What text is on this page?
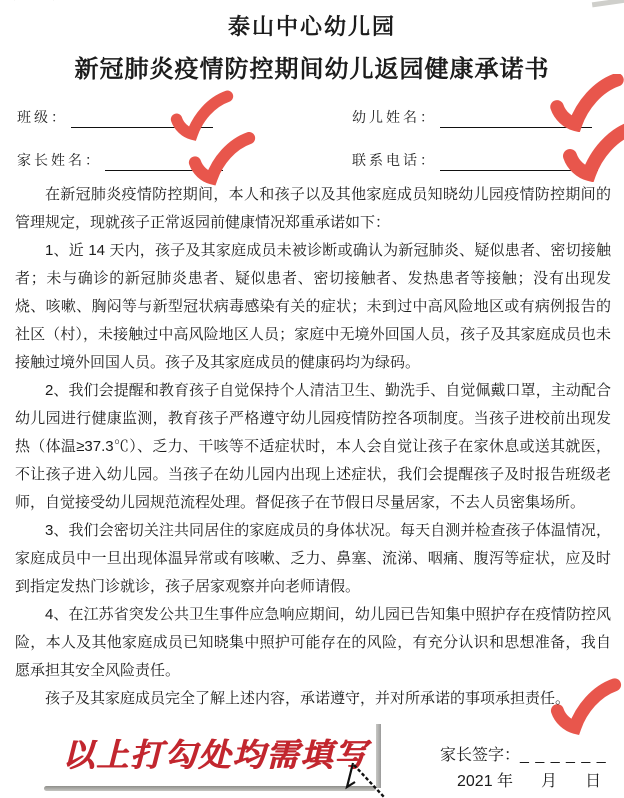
泰山中心幼儿园
新冠肺炎疫情防控期间幼儿返园健康承诺书
班级：	幼儿姓名：
家长姓名：	联系电话：

在新冠肺炎疫情防控期间，本人和孩子以及其他家庭成员知晓幼儿园疫情防控期间的管理规定，现就孩子正常返园前健康情况郑重承诺如下：

1、近 14 天内，孩子及其家庭成员未被诊断或确认为新冠肺炎、疑似患者、密切接触者；未与确诊的新冠肺炎患者、疑似患者、密切接触者、发热患者等接触；没有出现发烧、咳嗽、胸闷等与新型冠状病毒感染有关的症状；未到过中高风险地区或有病例报告的社区（村），未接触过中高风险地区人员；家庭中无境外回国人员，孩子及其家庭成员也未接触过境外回国人员。孩子及其家庭成员的健康码均为绿码。

2、我们会提醒和教育孩子自觉保持个人清洁卫生、勤洗手、自觉佩戴口罩，主动配合幼儿园进行健康监测，教育孩子严格遵守幼儿园疫情防控各项制度。当孩子进校前出现发热（体温≥37.3℃）、乏力、干咳等不适症状时，本人会自觉让孩子在家休息或送其就医，不让孩子进入幼儿园。当孩子在幼儿园内出现上述症状，我们会提醒孩子及时报告班级老师，自觉接受幼儿园规范流程处理。督促孩子在节假日尽量居家，不去人员密集场所。

3、我们会密切关注共同居住的家庭成员的身体状况。每天自测并检查孩子体温情况，家庭成员中一旦出现体温异常或有咳嗽、乏力、鼻塞、流涕、咽痛、腹泻等症状，应及时到指定发热门诊就诊，孩子居家观察并向老师请假。

4、在江苏省突发公共卫生事件应急响应期间，幼儿园已告知集中照护存在疫情防控风险，本人及其他家庭成员已知晓集中照护可能存在的风险，有充分认识和思想准备，我自愿承担其安全风险责任。

孩子及其家庭成员完全了解上述内容，承诺遵守，并对所承诺的事项承担责任。

以上打勾处均需填写	家长签字：_ _ _ _ _ _
2021 年 月 日
